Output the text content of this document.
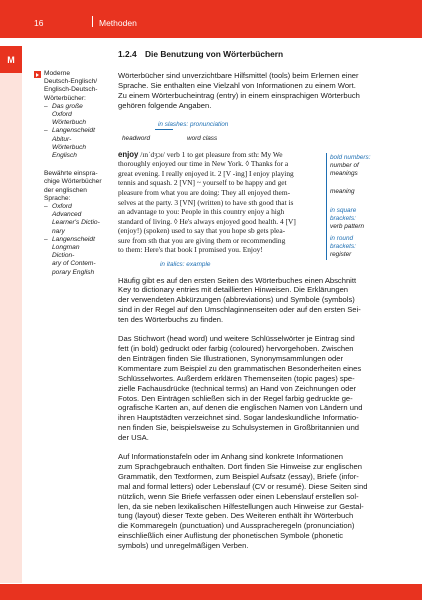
16	Methoden
M
Moderne
Deutsch-Englisch/
Englisch-Deutsch-
Wörterbücher:
– Das große Oxford
Wörterbuch
– Langenscheidt
Abitur-Wörterbuch
Englisch
Bewährte einspra-
chige Wörterbücher
der englischen
Sprache:
– Oxford Advanced
Learner's Dictio-
nary
– Langenscheidt
Longman Diction-
ary of Contem-
porary English
1.2.4 Die Benutzung von Wörterbüchern

Wörterbücher sind unverzichtbare Hilfsmittel (tools) beim Erlernen einer
Sprache. Sie enthalten eine Vielzahl von Informationen zu einem Wort.
Zu einem Wörterbucheintrag (entry) in einem einsprachigen Wörterbuch
gehören folgende Angaben.

in slashes: pronunciation
headword	word class
enjoy /ɪnˈdʒɔɪ/ verb 1 to get pleasure from sth: My We
thoroughly enjoyed our time in New York. ◊ Thanks for a
great evening. I really enjoyed it. 2 [V -ing] I enjoy playing
tennis and squash. 2 [VN] ~ yourself to be happy and get
pleasure from what you are doing: They all enjoyed them-
selves at the party. 3 [VN] (written) to have sth good that is
an advantage to you: People in this country enjoy a high
standard of living. ◊ He's always enjoyed good health. 4 [V]
(enjoy!) (spoken) used to say that you hope sb gets plea-
sure from sth that you are giving them or recommending
to them: Here's that book I promised you. Enjoy!
bold numbers:
number of
meanings
meaning
in square
brackets:
verb pattern
in round
brackets:
register
in italics: example

Häufig gibt es auf den ersten Seiten des Wörterbuches einen Abschnitt
Key to dictionary entries mit detaillierten Hinweisen. Die Erklärungen
der verwendeten Abkürzungen (abbreviations) und Symbole (symbols)
sind in der Regel auf den Umschlaginnenseiten oder auf den ersten Sei-
ten des Wörterbuchs zu finden.

Das Stichwort (head word) und weitere Schlüsselwörter je Eintrag sind
fett (in bold) gedruckt oder farbig (coloured) hervorgehoben. Zwischen
den Einträgen finden Sie Illustrationen, Synonymsammlungen oder
Kommentare zum Beispiel zu den grammatischen Besonderheiten eines
Schlüsselwortes. Außerdem erklären Themenseiten (topic pages) spe-
zielle Fachausdrücke (technical terms) an Hand von Zeichnungen oder
Fotos. Den Einträgen schließen sich in der Regel farbig gedruckte ge-
ografische Karten an, auf denen die englischen Namen von Ländern und
ihren Hauptstädten verzeichnet sind. Sogar landeskundliche Informatio-
nen finden Sie, beispielsweise zu Schulsystemen in Großbritannien und
der USA.

Auf Informationstafeln oder im Anhang sind konkrete Informationen
zum Sprachgebrauch enthalten. Dort finden Sie Hinweise zur englischen
Grammatik, den Textformen, zum Beispiel Aufsatz (essay), Briefe (infor-
mal and formal letters) oder Lebenslauf (CV or resumé). Diese Seiten sind
nützlich, wenn Sie Briefe verfassen oder einen Lebenslauf erstellen sol-
len, da sie neben lexikalischen Hilfestellungen auch Hinweise zur Gestal-
tung (layout) dieser Texte geben. Des Weiteren enthält ihr Wörterbuch
die Kommaregeln (punctuation) und Ausspracheregeln (pronunciation)
einschließlich einer Auflistung der phonetischen Symbole (phonetic
symbols) und unregelmäßigen Verben.
